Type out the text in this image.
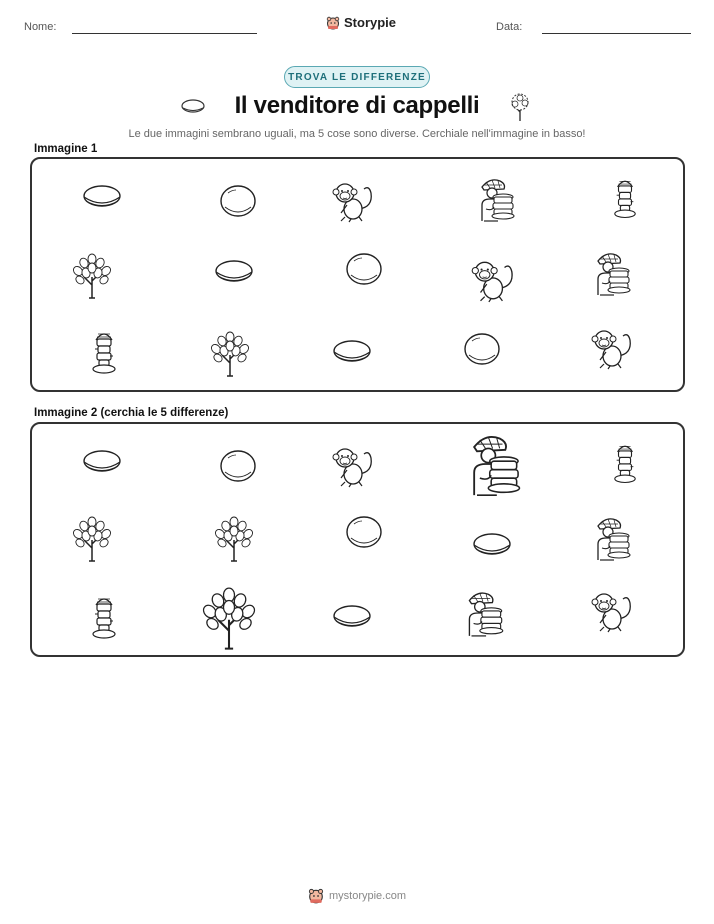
Nome:	Storypie	Data:
TROVA LE DIFFERENZE
Il venditore di cappelli
Le due immagini sembrano uguali, ma 5 cose sono diverse. Cerchiale nell'immagine in basso!
Immagine 1
Immagine 2 (cerchia le 5 differenze)
mystorypie.com
